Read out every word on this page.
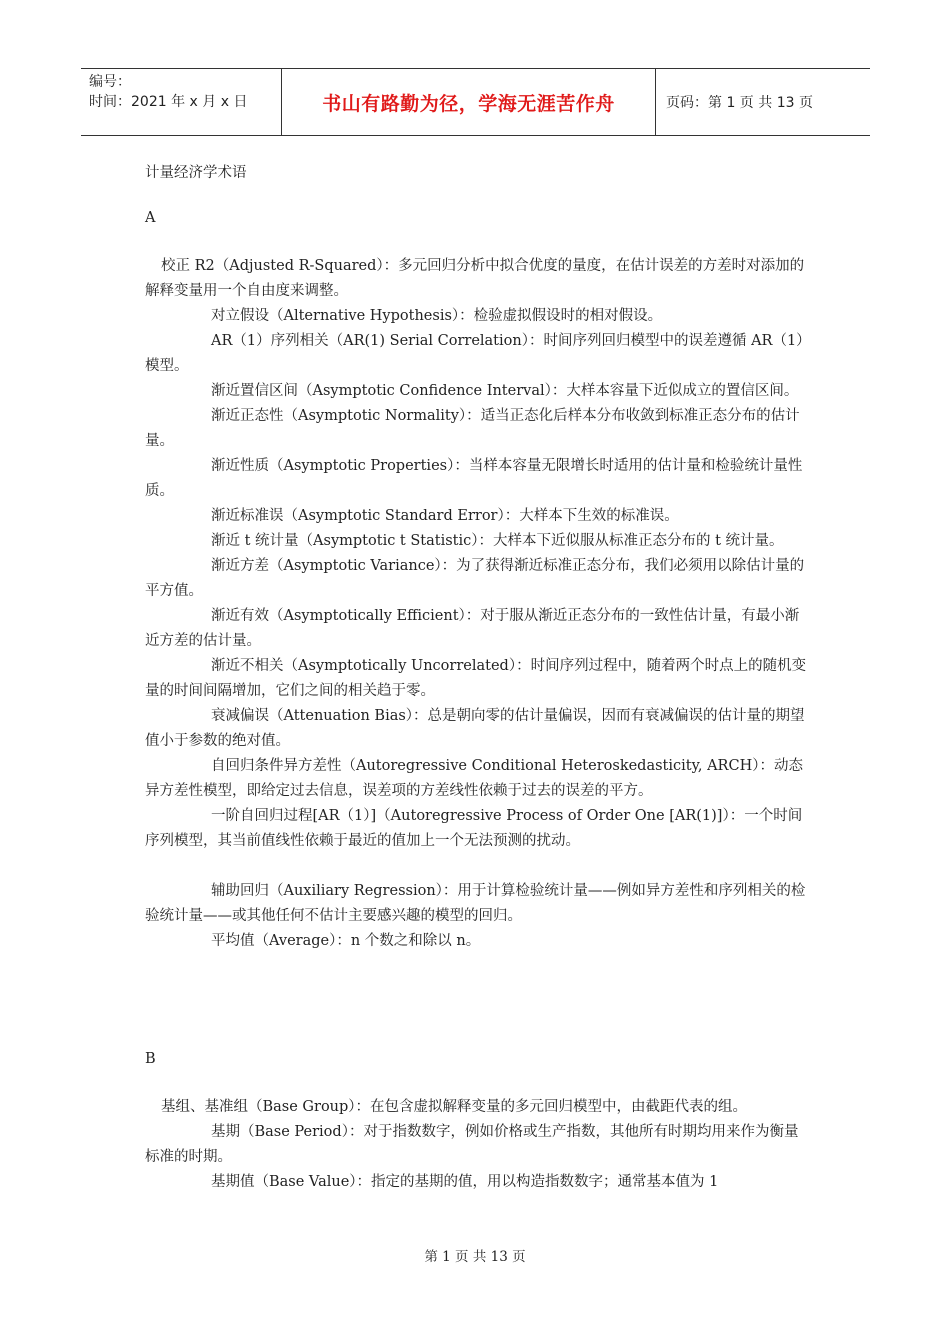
编号：
时间：2021 年 x 月 x 日	书山有路勤为径，学海无涯苦作舟	页码：第 1 页 共 13 页
计量经济学术语
A

校正 R2（Adjusted R-Squared）：多元回归分析中拟合优度的量度，在估计误差的方差时对添加的解释变量用一个自由度来调整。

对立假设（Alternative Hypothesis）：检验虚拟假设时的相对假设。

AR（1）序列相关（AR(1) Serial Correlation）：时间序列回归模型中的误差遵循 AR（1）模型。

渐近置信区间（Asymptotic Confidence Interval）：大样本容量下近似成立的置信区间。

渐近正态性（Asymptotic Normality）：适当正态化后样本分布收敛到标准正态分布的估计量。

渐近性质（Asymptotic Properties）：当样本容量无限增长时适用的估计量和检验统计量性质。

渐近标准误（Asymptotic Standard Error）：大样本下生效的标准误。

渐近 t 统计量（Asymptotic t Statistic）：大样本下近似服从标准正态分布的 t 统计量。

渐近方差（Asymptotic Variance）：为了获得渐近标准正态分布，我们必须用以除估计量的平方值。

渐近有效（Asymptotically Efficient）：对于服从渐近正态分布的一致性估计量，有最小渐近方差的估计量。

渐近不相关（Asymptotically Uncorrelated）：时间序列过程中，随着两个时点上的随机变量的时间间隔增加，它们之间的相关趋于零。

衰减偏误（Attenuation Bias）：总是朝向零的估计量偏误，因而有衰减偏误的估计量的期望值小于参数的绝对值。

自回归条件异方差性（Autoregressive Conditional Heteroskedasticity, ARCH）：动态异方差性模型，即给定过去信息，误差项的方差线性依赖于过去的误差的平方。

一阶自回归过程[AR（1）]（Autoregressive Process of Order One [AR(1)]）：一个时间序列模型，其当前值线性依赖于最近的值加上一个无法预测的扰动。

辅助回归（Auxiliary Regression）：用于计算检验统计量——例如异方差性和序列相关的检验统计量——或其他任何不估计主要感兴趣的模型的回归。

平均值（Average）：n 个数之和除以 n。

B

基组、基准组（Base Group）：在包含虚拟解释变量的多元回归模型中，由截距代表的组。

基期（Base Period）：对于指数数字，例如价格或生产指数，其他所有时期均用来作为衡量标准的时期。

基期值（Base Value）：指定的基期的值，用以构造指数数字；通常基本值为 1

第 1 页 共 13 页
